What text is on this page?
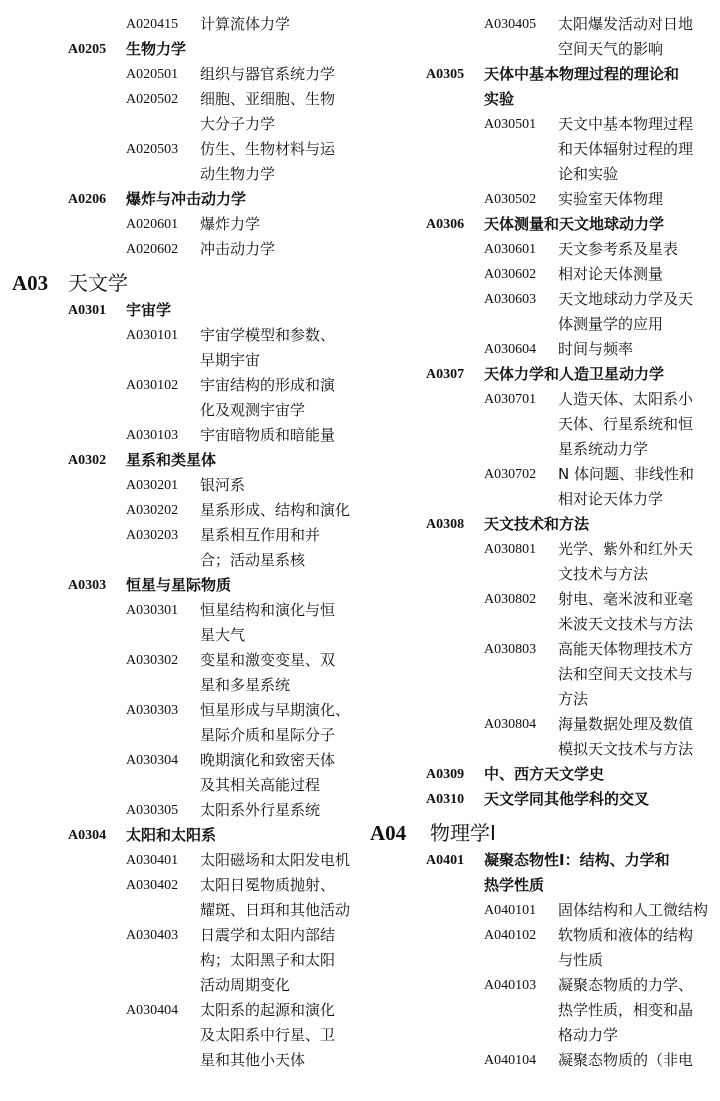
A020415 计算流体力学
A0205 生物力学
A020501 组织与器官系统力学
A020502 细胞、亚细胞、生物
大分子力学
A020503 仿生、生物材料与运
动生物力学
A0206 爆炸与冲击动力学
A020601 爆炸力学
A020602 冲击动力学
A03 天文学
A0301 宇宙学
A030101 宇宙学模型和参数、
早期宇宙
A030102 宇宙结构的形成和演
化及观测宇宙学
A030103 宇宙暗物质和暗能量
A0302 星系和类星体
A030201 银河系
A030202 星系形成、结构和演化
A030203 星系相互作用和并
合；活动星系核
A0303 恒星与星际物质
A030301 恒星结构和演化与恒
星大气
A030302 变星和激变变星、双
星和多星系统
A030303 恒星形成与早期演化、
星际介质和星际分子
A030304 晚期演化和致密天体
及其相关高能过程
A030305 太阳系外行星系统
A0304 太阳和太阳系
A030401 太阳磁场和太阳发电机
A030402 太阳日冕物质抛射、
耀斑、日珥和其他活动
A030403 日震学和太阳内部结
构；太阳黑子和太阳
活动周期变化
A030404 太阳系的起源和演化
及太阳系中行星、卫
星和其他小天体
A030405 太阳爆发活动对日地
空间天气的影响
A0305 天体中基本物理过程的理论和
实验
A030501 天文中基本物理过程
和天体辐射过程的理
论和实验
A030502 实验室天体物理
A0306 天体测量和天文地球动力学
A030601 天文参考系及星表
A030602 相对论天体测量
A030603 天文地球动力学及天
体测量学的应用
A030604 时间与频率
A0307 天体力学和人造卫星动力学
A030701 人造天体、太阳系小
天体、行星系统和恒
星系统动力学
A030702 N 体问题、非线性和
相对论天体力学
A0308 天文技术和方法
A030801 光学、紫外和红外天
文技术与方法
A030802 射电、毫米波和亚毫
米波天文技术与方法
A030803 高能天体物理技术方
法和空间天文技术与
方法
A030804 海量数据处理及数值
模拟天文技术与方法
A0309 中、西方天文学史
A0310 天文学同其他学科的交叉
A04 物理学Ⅰ
A0401 凝聚态物性Ⅰ：结构、力学和
热学性质
A040101 固体结构和人工微结构
A040102 软物质和液体的结构
与性质
A040103 凝聚态物质的力学、
热学性质，相变和晶
格动力学
A040104 凝聚态物质的（非电
